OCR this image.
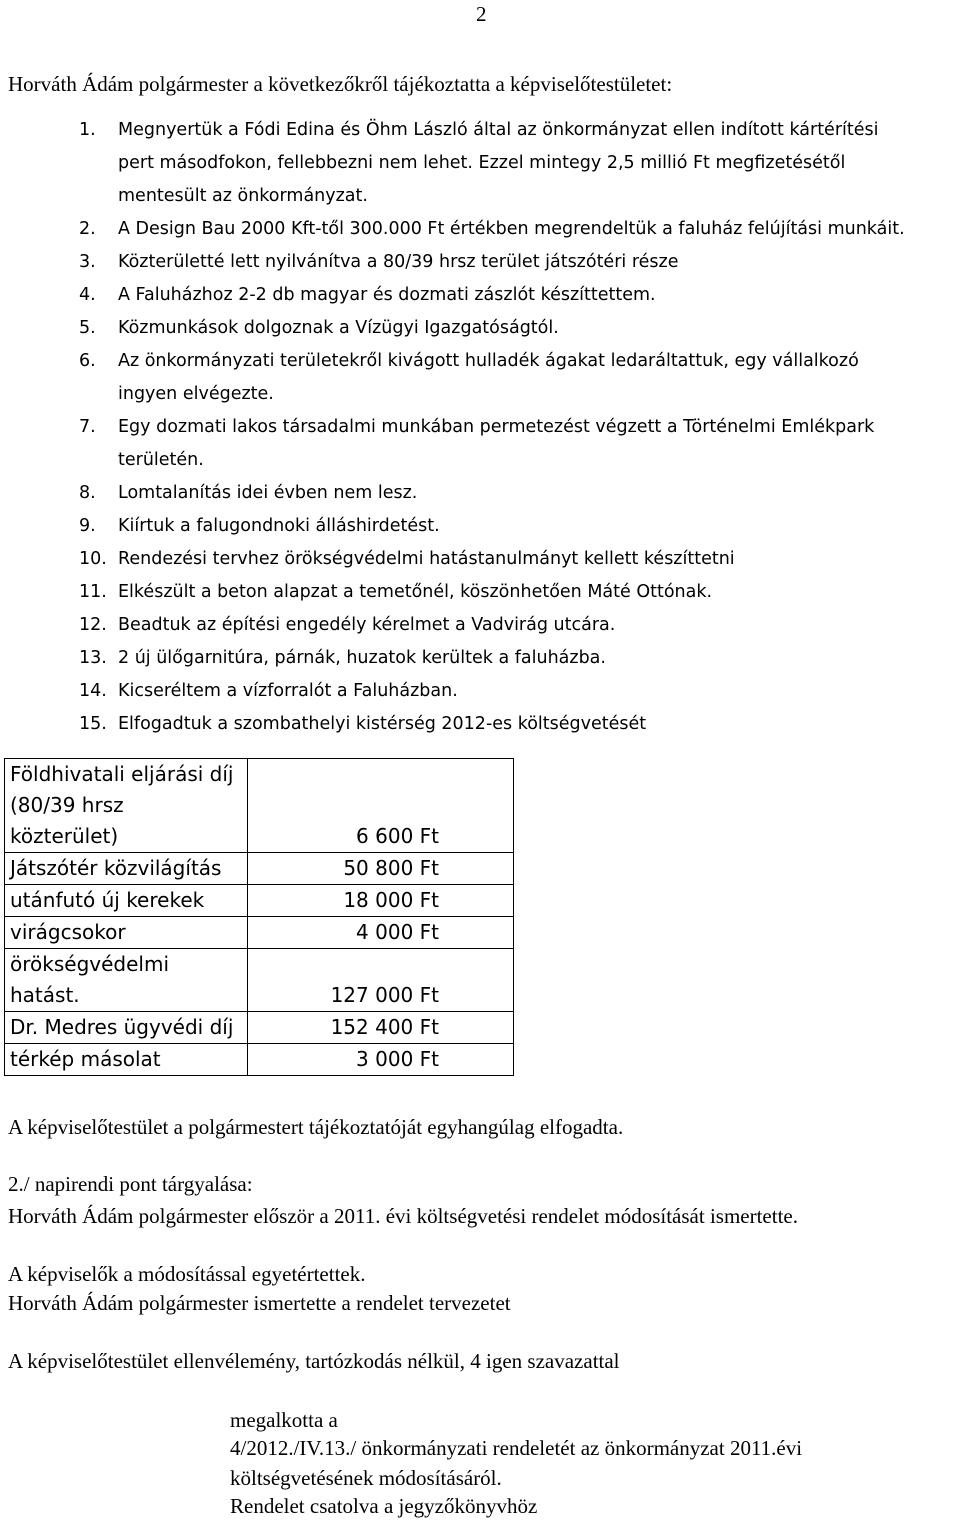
2
Horváth Ádám polgármester a következőkről tájékoztatta a képviselőtestületet:
1. Megnyertük a Fódi Edina és Öhm László által az önkormányzat ellen indított kártérítési
pert másodfokon, fellebbezni nem lehet. Ezzel mintegy 2,5 millió Ft megfizetésétől
mentesült az önkormányzat.
2. A Design Bau 2000 Kft-től 300.000 Ft értékben megrendeltük a faluház felújítási munkáit.
3. Közterületté lett nyilvánítva a 80/39 hrsz terület játszótéri része
4. A Faluházhoz 2-2 db magyar és dozmati zászlót készíttettem.
5. Közmunkások dolgoznak a Vízügyi Igazgatóságtól.
6. Az önkormányzati területekről kivágott hulladék ágakat ledaráltattuk, egy vállalkozó
ingyen elvégezte.
7. Egy dozmati lakos társadalmi munkában permetezést végzett a Történelmi Emlékpark
területén.
8. Lomtalanítás idei évben nem lesz.
9. Kiírtuk a falugondnoki álláshirdetést.
10. Rendezési tervhez örökségvédelmi hatástanulmányt kellett készíttetni
11. Elkészült a beton alapzat a temetőnél, köszönhetően Máté Ottónak.
12. Beadtuk az építési engedély kérelmet a Vadvirág utcára.
13. 2 új ülőgarnitúra, párnák, huzatok kerültek a faluházba.
14. Kicseréltem a vízforralót a Faluházban.
15. Elfogadtuk a szombathelyi kistérség 2012-es költségvetését
Földhivatali eljárási díj
(80/39 hrsz
közterület)	6 600 Ft
Játszótér közvilágítás	50 800 Ft
utánfutó új kerekek	18 000 Ft
virágcsokor	4 000 Ft
örökségvédelmi
hatást.	127 000 Ft
Dr. Medres ügyvédi díj	152 400 Ft
térkép másolat	3 000 Ft
A képviselőtestület a polgármestert tájékoztatóját egyhangúlag elfogadta.
2./ napirendi pont tárgyalása:
Horváth Ádám polgármester először a 2011. évi költségvetési rendelet módosítását ismertette.
A képviselők a módosítással egyetértettek.
Horváth Ádám polgármester ismertette a rendelet tervezetet
A képviselőtestület ellenvélemény, tartózkodás nélkül, 4 igen szavazattal
megalkotta a
4/2012./IV.13./ önkormányzati rendeletét az önkormányzat 2011.évi
költségvetésének módosításáról.
Rendelet csatolva a jegyzőkönyvhöz
